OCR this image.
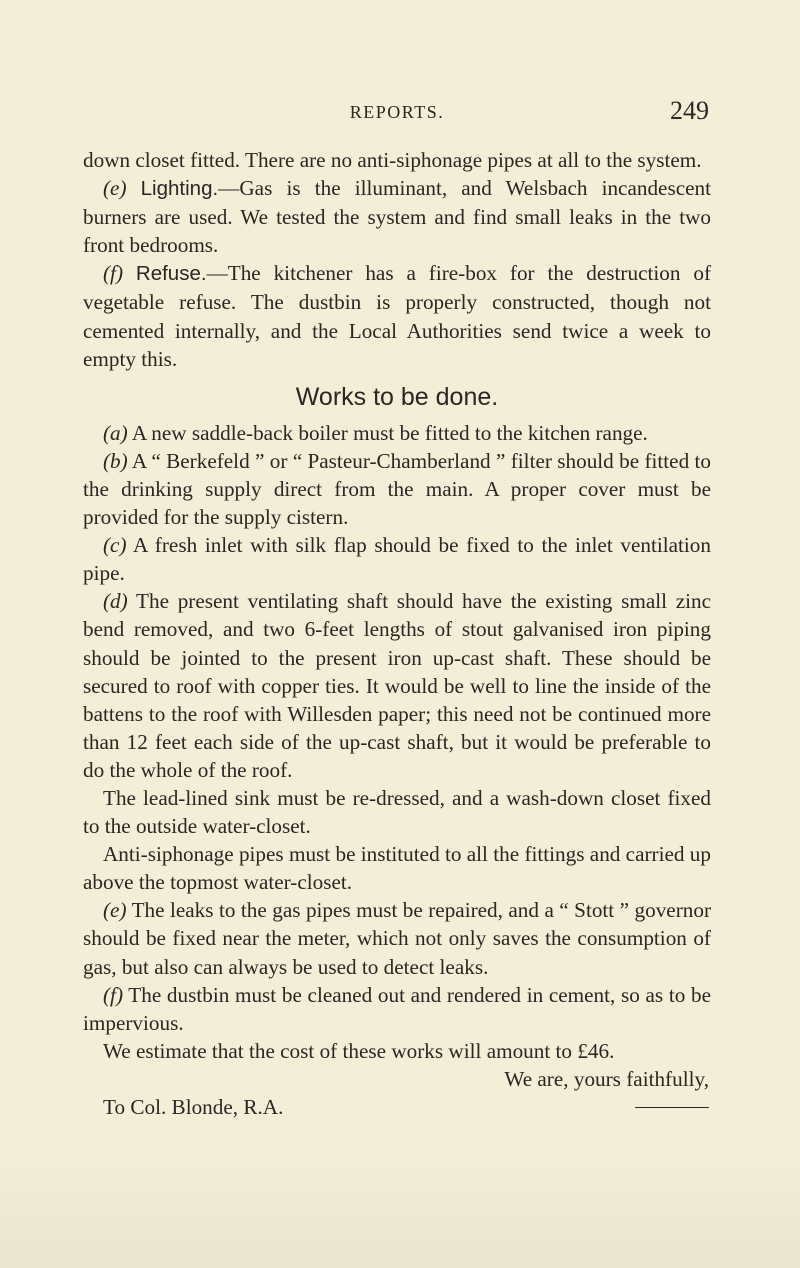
REPORTS.	249

down closet fitted. There are no anti-siphonage pipes at all to the system.

(e) Lighting.—Gas is the illuminant, and Welsbach incandescent burners are used. We tested the system and find small leaks in the two front bedrooms.

(f) Refuse.—The kitchener has a fire-box for the destruction of vegetable refuse. The dustbin is properly constructed, though not cemented internally, and the Local Authorities send twice a week to empty this.

Works to be done.

(a) A new saddle-back boiler must be fitted to the kitchen range.

(b) A “ Berkefeld ” or “ Pasteur-Chamberland ” filter should be fitted to the drinking supply direct from the main. A proper cover must be provided for the supply cistern.

(c) A fresh inlet with silk flap should be fixed to the inlet ventilation pipe.

(d) The present ventilating shaft should have the existing small zinc bend removed, and two 6-feet lengths of stout galvanised iron piping should be jointed to the present iron up-cast shaft. These should be secured to roof with copper ties. It would be well to line the inside of the battens to the roof with Willesden paper; this need not be continued more than 12 feet each side of the up-cast shaft, but it would be preferable to do the whole of the roof.

The lead-lined sink must be re-dressed, and a wash-down closet fixed to the outside water-closet.

Anti-siphonage pipes must be instituted to all the fittings and carried up above the topmost water-closet.

(e) The leaks to the gas pipes must be repaired, and a “ Stott ” governor should be fixed near the meter, which not only saves the consumption of gas, but also can always be used to detect leaks.

(f) The dustbin must be cleaned out and rendered in cement, so as to be impervious.

We estimate that the cost of these works will amount to £46.

We are, yours faithfully,

To Col. Blonde, R.A.
